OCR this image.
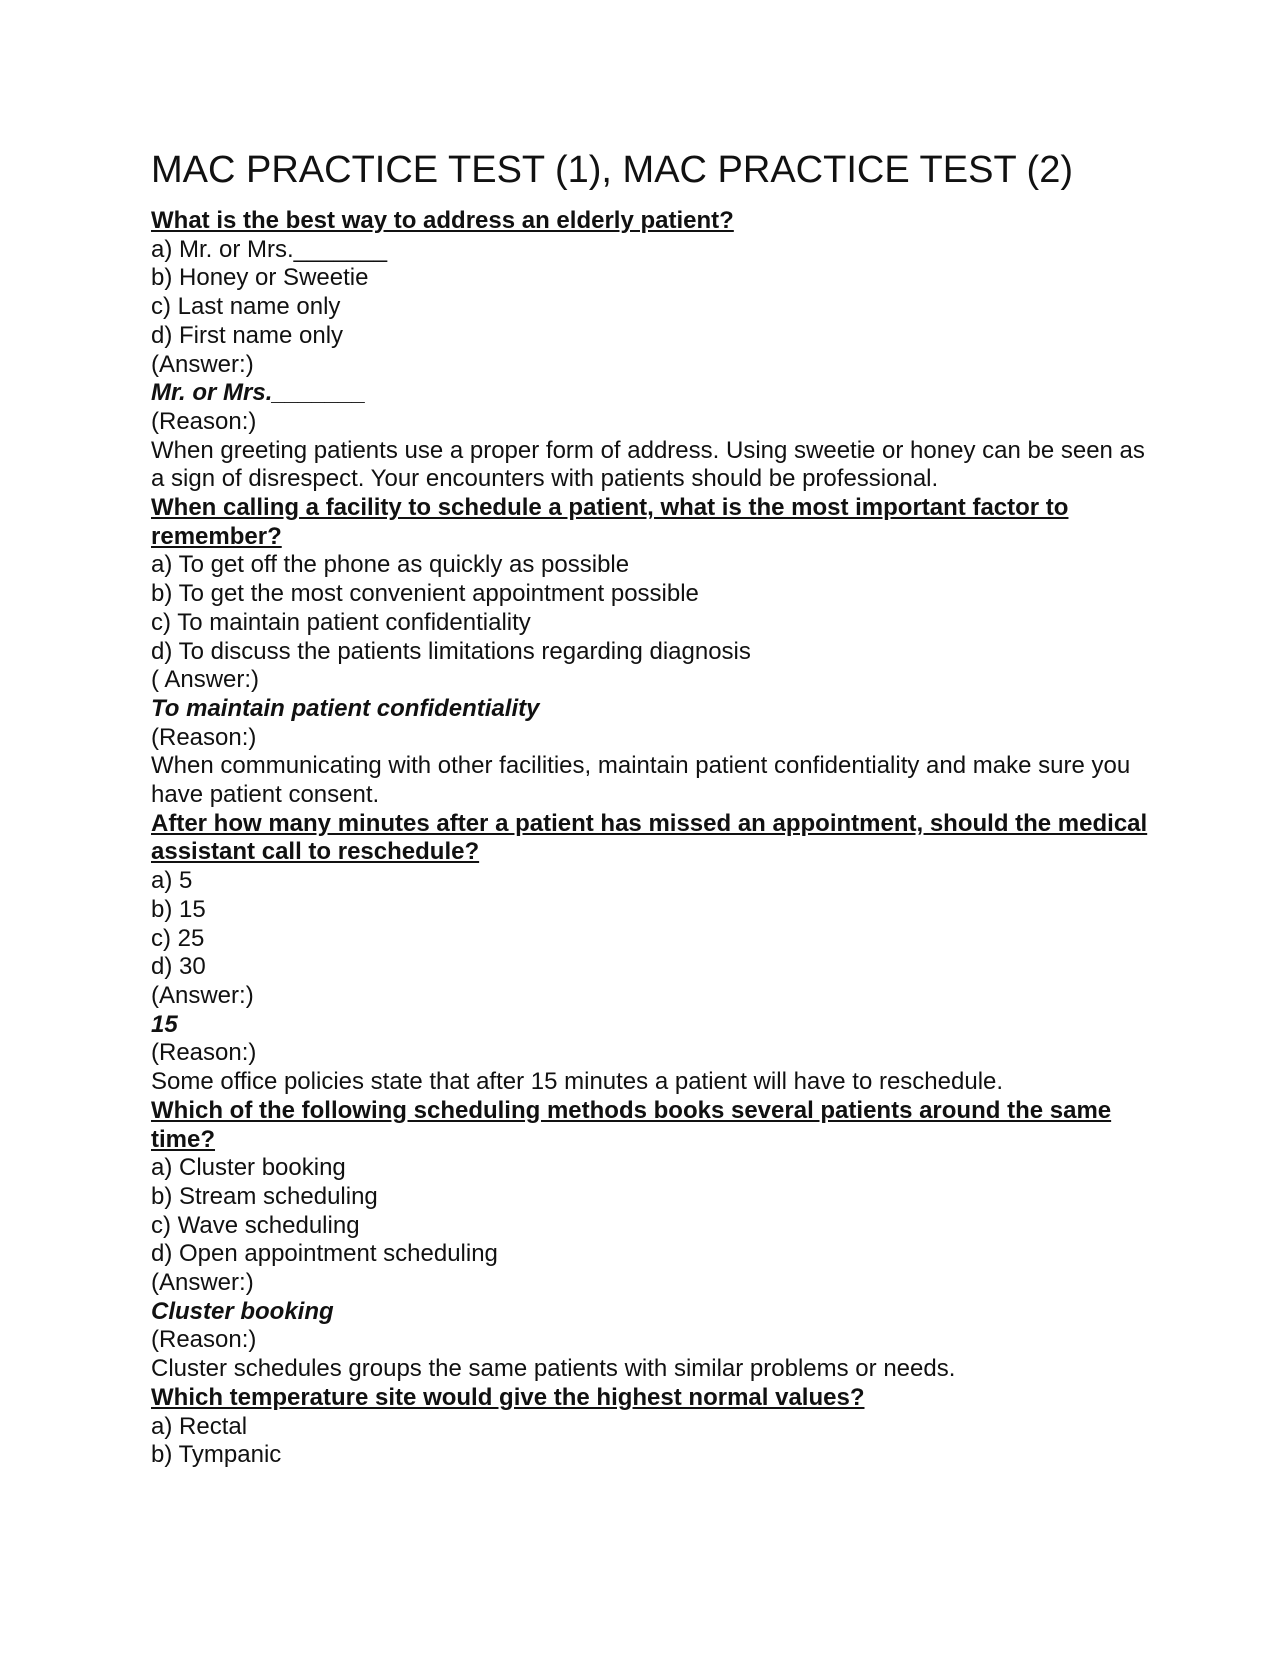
MAC PRACTICE TEST (1), MAC PRACTICE TEST (2)
What is the best way to address an elderly patient?
a) Mr. or Mrs._______
b) Honey or Sweetie
c) Last name only
d) First name only
(Answer:)
Mr. or Mrs._______
(Reason:)
When greeting patients use a proper form of address. Using sweetie or honey can be seen as a sign of disrespect. Your encounters with patients should be professional.
When calling a facility to schedule a patient, what is the most important factor to remember?
a) To get off the phone as quickly as possible
b) To get the most convenient appointment possible
c) To maintain patient confidentiality
d) To discuss the patients limitations regarding diagnosis
( Answer:)
To maintain patient confidentiality
(Reason:)
When communicating with other facilities, maintain patient confidentiality and make sure you have patient consent.
After how many minutes after a patient has missed an appointment, should the medical assistant call to reschedule?
a) 5
b) 15
c) 25
d) 30
(Answer:)
15
(Reason:)
Some office policies state that after 15 minutes a patient will have to reschedule.
Which of the following scheduling methods books several patients around the same time?
a) Cluster booking
b) Stream scheduling
c) Wave scheduling
d) Open appointment scheduling
(Answer:)
Cluster booking
(Reason:)
Cluster schedules groups the same patients with similar problems or needs.
Which temperature site would give the highest normal values?
a) Rectal
b) Tympanic
